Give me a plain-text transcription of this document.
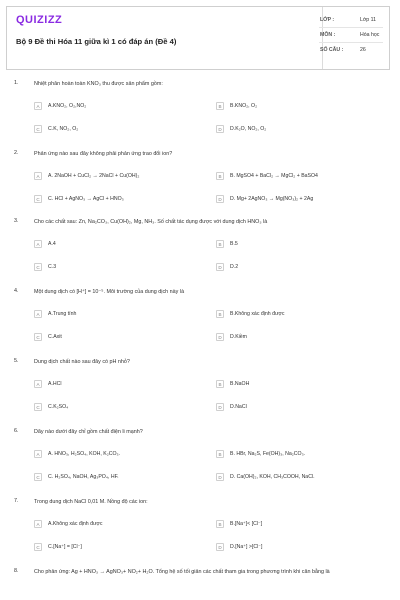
QUIZIZZ
Bộ 9 Đề thi Hóa 11 giữa kì 1 có đáp án (Đề 4)
LỚP :	Lớp 11
MÔN :	Hóa học
SỐ CÂU :	26
1.	Nhiệt phân hoàn toàn KNO₃ thu được sản phẩm gồm:
A A.KNO₂, O₂,NO₂	B B.KNO₂, O₂
C C.K, NO₂, O₂	D D.K₂O, NO₂, O₂
2.	Phản ứng nào sau đây không phải phản ứng trao đổi ion?
A A. 2NaOH + CuCl₂ → 2NaCl + Cu(OH)₂	B B. MgSO4 + BaCl₂ → MgCl₂ + BaSO4
C C. HCl + AgNO₃ → AgCl + HNO₃	D D. Mg+ 2AgNO₃ → Mg(NO₃)₂ + 2Ag
3.	Cho các chất sau: Zn, Na₂CO₃, Cu(OH)₂, Mg, NH₃. Số chất tác dụng được với dung dịch HNO₃ là
A A.4	B B.5
C C.3	D D.2
4.	Một dung dịch có [H⁺] = 10⁻⁵. Môi trường của dung dịch này là
A A.Trung tính	B B.Không xác định được
C C.Axit	D D.Kiềm
5.	Dung dịch chất nào sau đây có pH nhỏ?
A A.HCl	B B.NaOH
C C.K₂SO₄	D D.NaCl
6.	Dãy nào dưới đây chỉ gồm chất điện li mạnh?
A A. HNO₃, H₂SO₄, KOH, K₂CO₃.	B B. HBr, Na₂S, Fe(OH)₃, Na₂CO₃.
C C. H₂SO₄, NaOH, Ag₃PO₄, HF.	D D. Ca(OH)₂, KOH, CH₃COOH, NaCl.
7.	Trong dung dịch NaCl 0,01 M. Nồng độ các ion:
A A.Không xác định được	B B.[Na⁺]< [Cl⁻]
C C.[Na⁺] = [Cl⁻]	D D.[Na⁺] >[Cl⁻]
8.	Cho phản ứng: Ag + HNO₃ → AgNO₃+ NO₂+ H₂O. Tổng hệ số tối giản các chất tham gia trong phương trình khi cân bằng là
